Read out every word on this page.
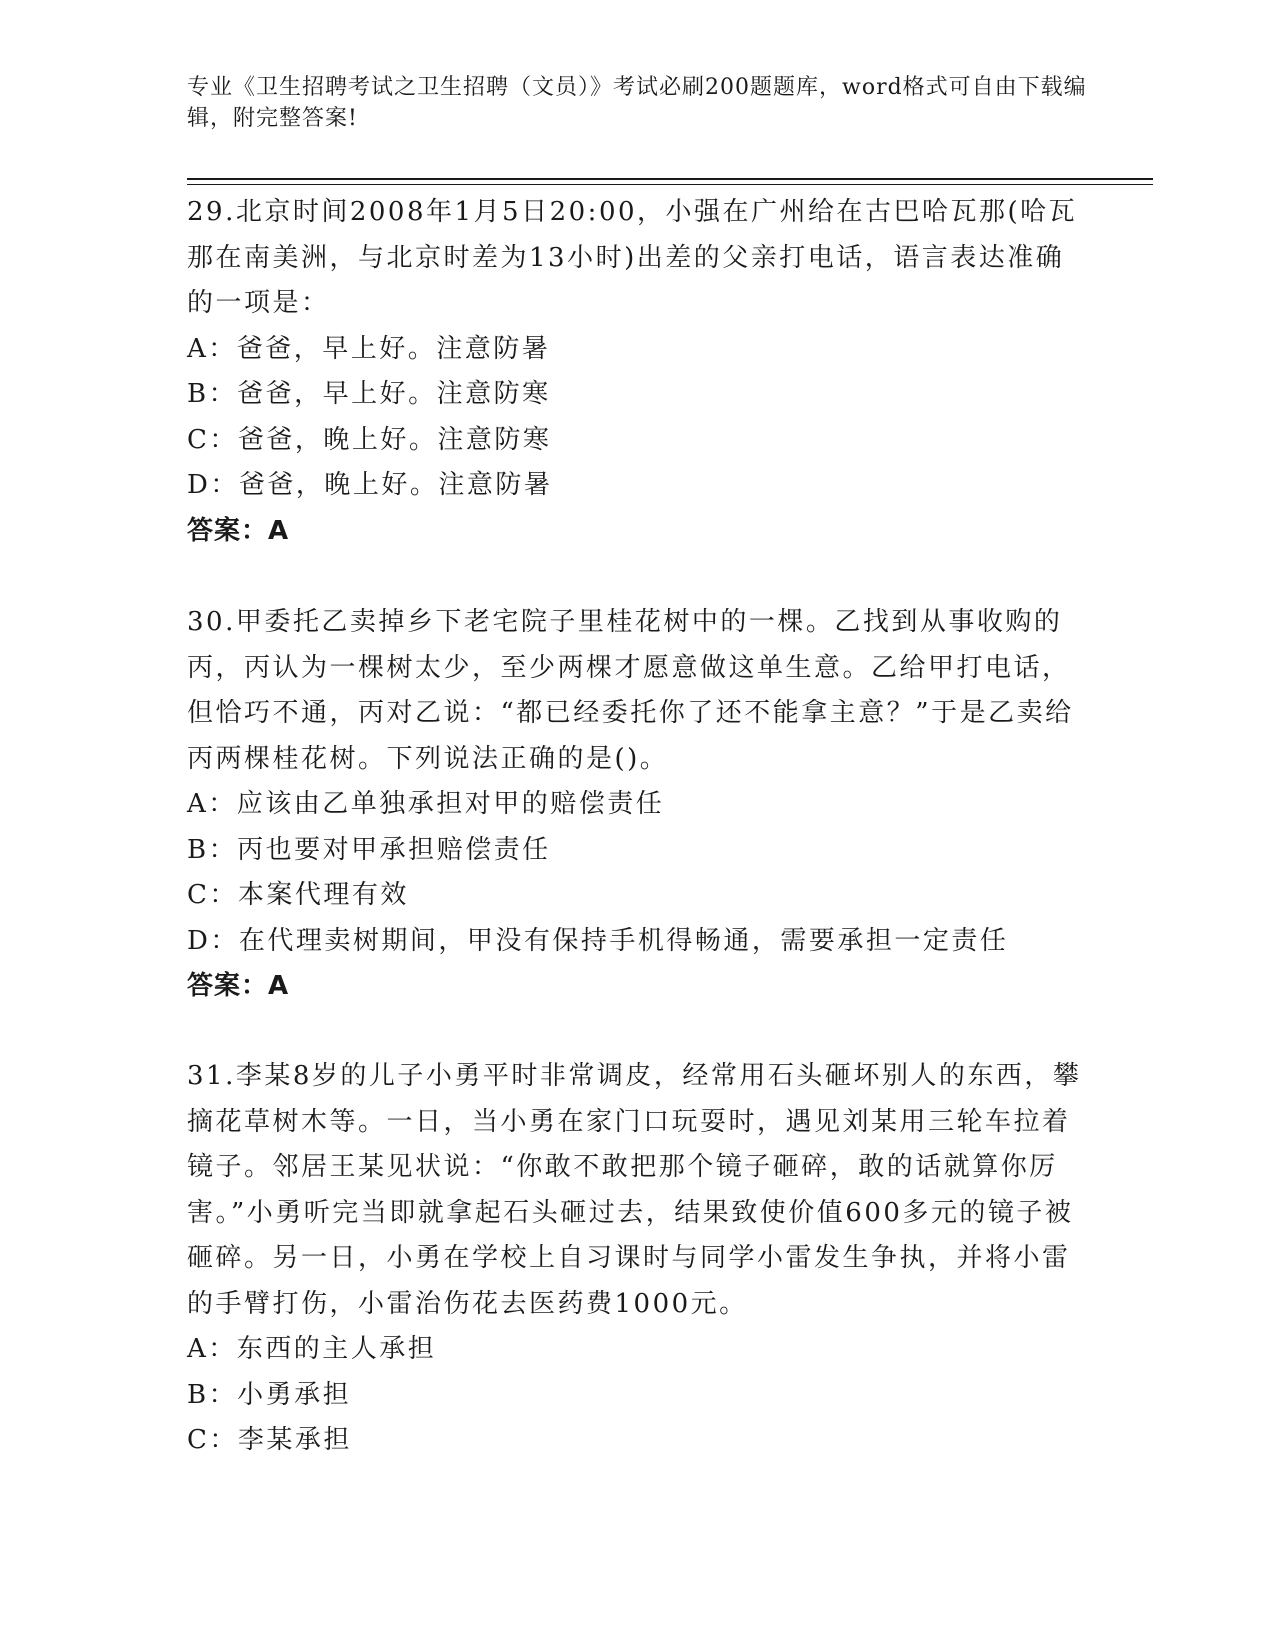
专业《卫生招聘考试之卫生招聘（文员）》考试必刷200题题库，word格式可自由下载编辑，附完整答案!

29.北京时间2008年1月5日20:00，小强在广州给在古巴哈瓦那(哈瓦那在南美洲，与北京时差为13小时)出差的父亲打电话，语言表达准确的一项是：

A：爸爸，早上好。注意防暑

B：爸爸，早上好。注意防寒

C：爸爸，晚上好。注意防寒

D：爸爸，晚上好。注意防暑

答案：A

30.甲委托乙卖掉乡下老宅院子里桂花树中的一棵。乙找到从事收购的丙，丙认为一棵树太少，至少两棵才愿意做这单生意。乙给甲打电话，但恰巧不通，丙对乙说：“都已经委托你了还不能拿主意？”于是乙卖给丙两棵桂花树。下列说法正确的是()。

A：应该由乙单独承担对甲的赔偿责任

B：丙也要对甲承担赔偿责任

C：本案代理有效

D：在代理卖树期间，甲没有保持手机得畅通，需要承担一定责任

答案：A

31.李某8岁的儿子小勇平时非常调皮，经常用石头砸坏别人的东西，攀摘花草树木等。一日，当小勇在家门口玩耍时，遇见刘某用三轮车拉着镜子。邻居王某见状说：“你敢不敢把那个镜子砸碎，敢的话就算你厉害。”小勇听完当即就拿起石头砸过去，结果致使价值600多元的镜子被砸碎。另一日，小勇在学校上自习课时与同学小雷发生争执，并将小雷的手臂打伤，小雷治伤花去医药费1000元。

A：东西的主人承担

B：小勇承担

C：李某承担
